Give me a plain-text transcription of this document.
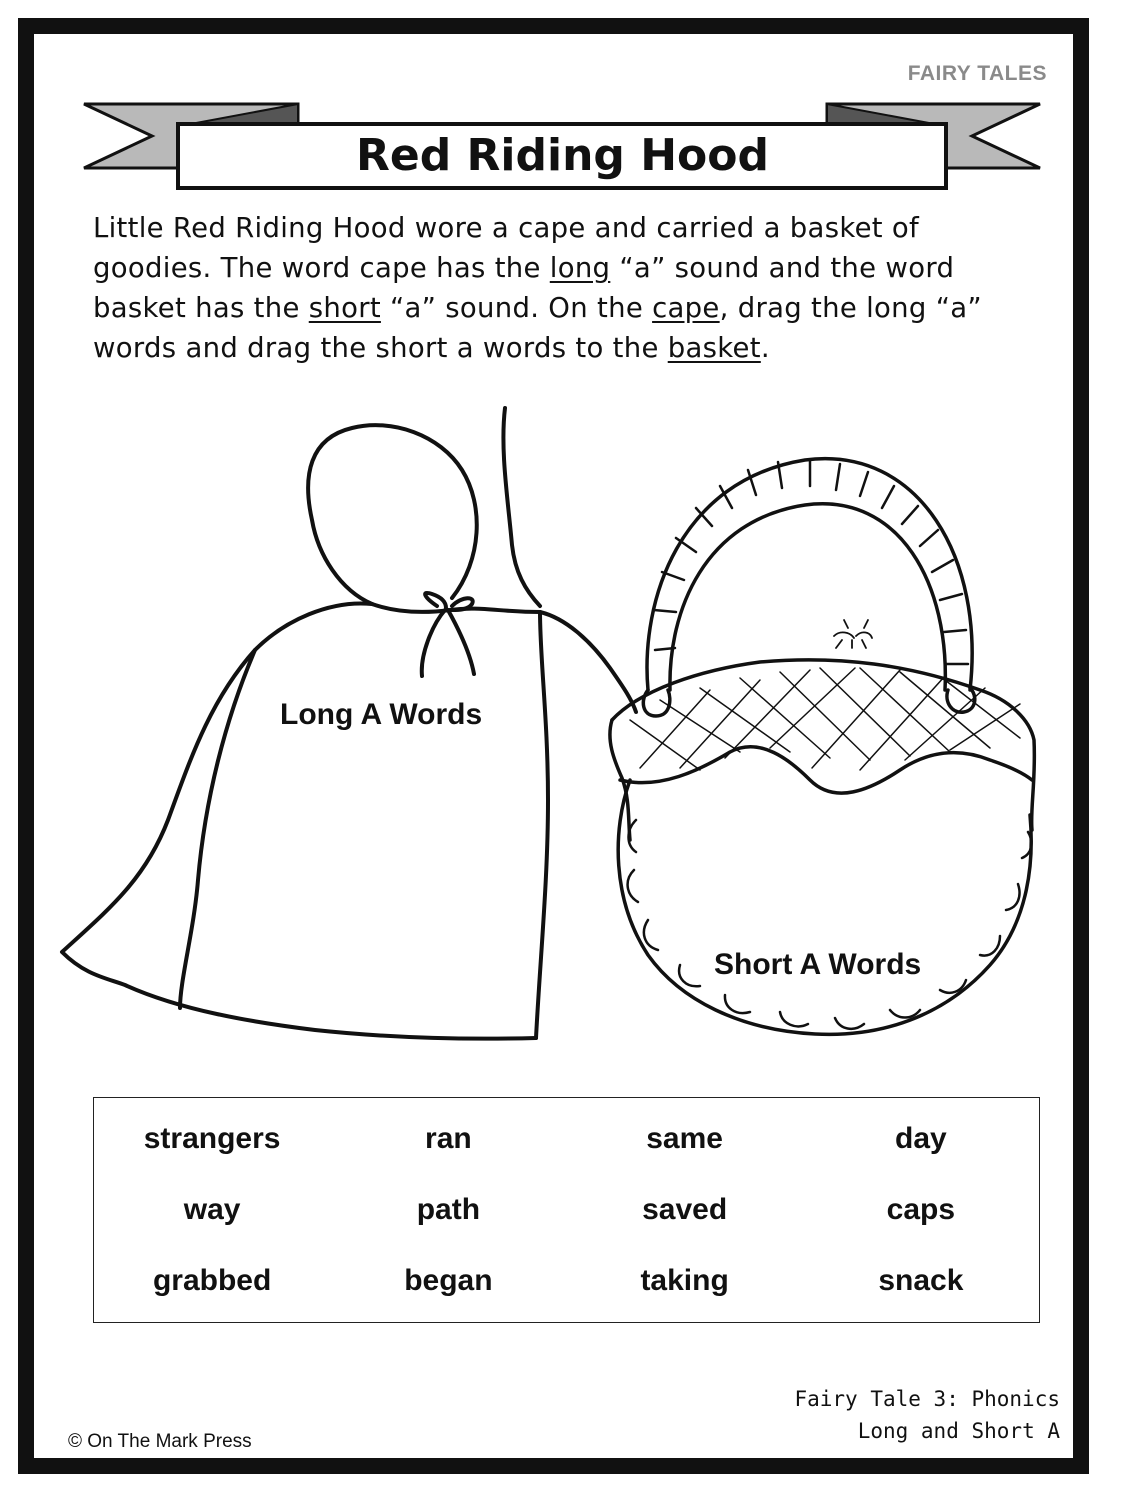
FAIRY TALES
Red Riding Hood
Little Red Riding Hood wore a cape and carried a basket of goodies. The word cape has the long “a” sound and the word basket has the short “a” sound. On the cape, drag the long “a” words and drag the short a words to the basket.
Long A Words
Short A Words
strangers	ran	same	day
way	path	saved	caps
grabbed	began	taking	snack
Fairy Tale 3: Phonics
Long and Short A
© On The Mark Press
